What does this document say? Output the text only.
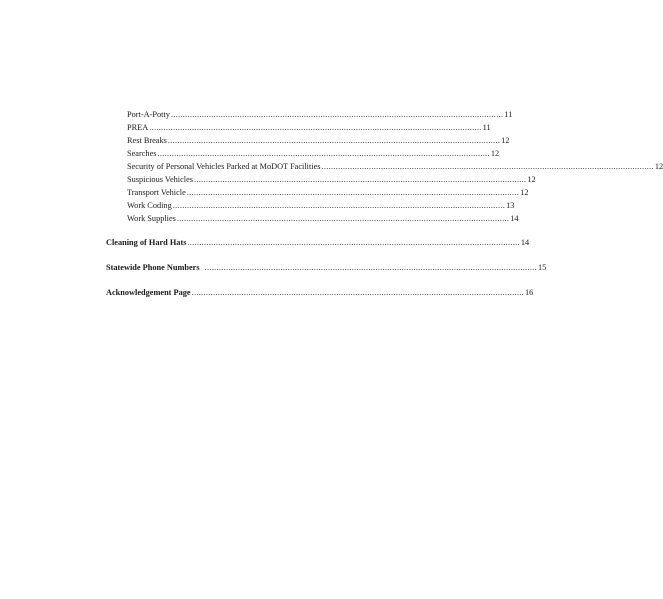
Port-A-Potty ............................................................................................................................................ 11
PREA ............................................................................................................................................ 11
Rest Breaks ............................................................................................................................................ 12
Searches ............................................................................................................................................ 12
Security of Personal Vehicles Parked at MoDOT Facilities ............................................................................................................................................ 12
Suspicious Vehicles ............................................................................................................................................ 12
Transport Vehicle ............................................................................................................................................ 12
Work Coding ............................................................................................................................................ 13
Work Supplies ............................................................................................................................................ 14
Cleaning of Hard Hats ............................................................................................................................................ 14
Statewide Phone Numbers ............................................................................................................................................ 15
Acknowledgement Page ............................................................................................................................................ 16
